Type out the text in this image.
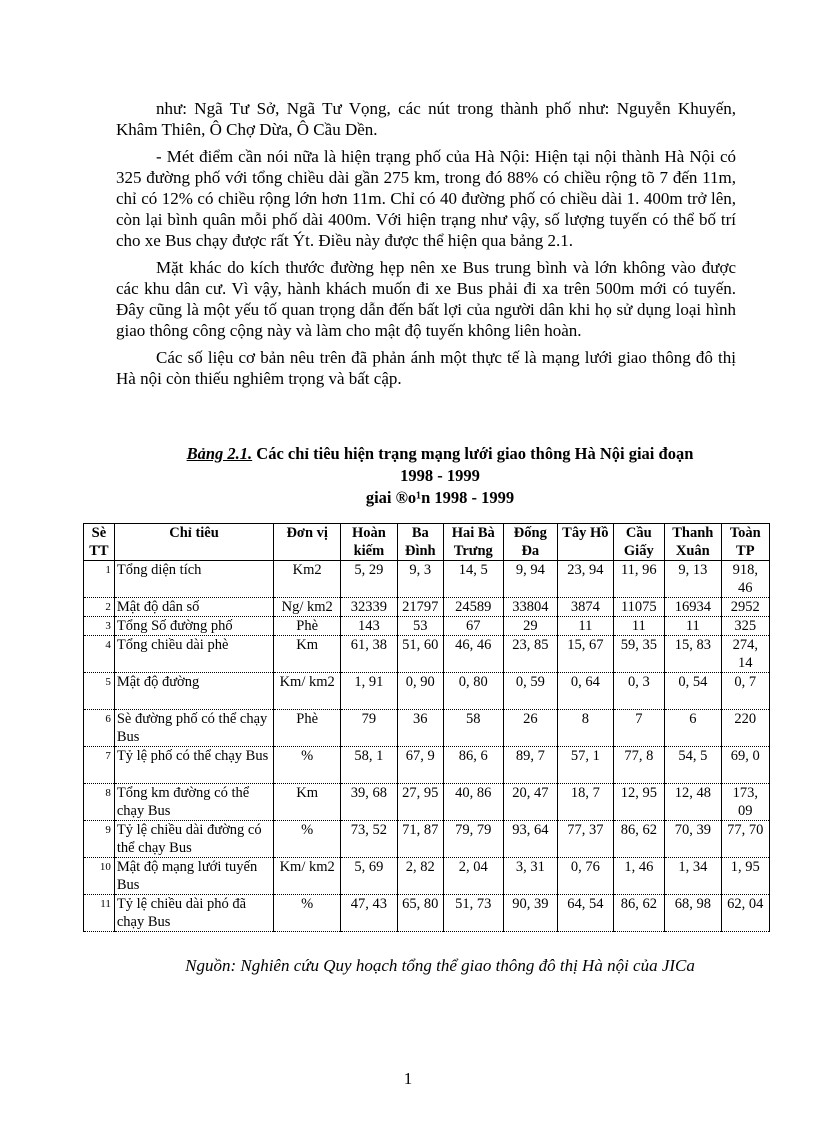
như: Ngã Tư Sở, Ngã Tư Vọng, các nút trong thành phố như: Nguyễn Khuyến, Khâm Thiên, Ô Chợ Dừa, Ô Cầu Dền.

- Mét điểm cần nói nữa là hiện trạng phố của Hà Nội: Hiện tại nội thành Hà Nội có 325 đường phố với tổng chiều dài gần 275 km, trong đó 88% có chiều rộng tõ 7 đến 11m, chỉ có 12% có chiều rộng lớn hơn 11m. Chỉ có 40 đường phố có chiều dài 1. 400m trở lên, còn lại bình quân mỗi phố dài 400m. Với hiện trạng như vậy, số lượng tuyến có thể bố trí cho xe Bus chạy được rất Ýt. Điều này được thể hiện qua bảng 2.1.

Mặt khác do kích thước đường hẹp nên xe Bus trung bình và lớn không vào được các khu dân cư. Vì vậy, hành khách muốn đi xe Bus phải đi xa trên 500m mới có tuyến. Đây cũng là một yếu tố quan trọng dẫn đến bất lợi của người dân khi họ sử dụng loại hình giao thông công cộng này và làm cho mật độ tuyến không liên hoàn.

Các số liệu cơ bản nêu trên đã phản ánh một thực tế là mạng lưới giao thông đô thị Hà nội còn thiếu nghiêm trọng và bất cập.

Bảng 2.1. Các chỉ tiêu hiện trạng mạng lưới giao thông Hà Nội giai đoạn
1998 - 1999
giai ®o¹n 1998 - 1999
Sè TT	Chỉ tiêu	Đơn vị	Hoàn kiếm	Ba Đình	Hai Bà Trưng	Đống Đa	Tây Hồ	Cầu Giấy	Thanh Xuân	Toàn TP
1	Tổng diện tích	Km2	5, 29	9, 3	14, 5	9, 94	23, 94	11, 96	9, 13	918, 46
2	Mật độ dân số	Ng/ km2	32339	21797	24589	33804	3874	11075	16934	2952
3	Tổng Số đường phố	Phè	143	53	67	29	11	11	11	325
4	Tổng chiều dài phè	Km	61, 38	51, 60	46, 46	23, 85	15, 67	59, 35	15, 83	274, 14
5	Mật độ đường	Km/ km2	1, 91	0, 90	0, 80	0, 59	0, 64	0, 3	0, 54	0, 7
6	Sè đường phố có thể chạy Bus	Phè	79	36	58	26	8	7	6	220
7	Tỷ lệ phố có thể chạy Bus	%	58, 1	67, 9	86, 6	89, 7	57, 1	77, 8	54, 5	69, 0
8	Tổng km đường có thể chạy Bus	Km	39, 68	27, 95	40, 86	20, 47	18, 7	12, 95	12, 48	173, 09
9	Tỷ lệ chiều dài đường có thể chạy Bus	%	73, 52	71, 87	79, 79	93, 64	77, 37	86, 62	70, 39	77, 70
10	Mật độ mạng lưới tuyến Bus	Km/ km2	5, 69	2, 82	2, 04	3, 31	0, 76	1, 46	1, 34	1, 95
11	Tỷ lệ chiều dài phó đã chạy Bus	%	47, 43	65, 80	51, 73	90, 39	64, 54	86, 62	68, 98	62, 04
Nguồn: Nghiên cứu Quy hoạch tổng thể giao thông đô thị Hà nội của JICa
1
